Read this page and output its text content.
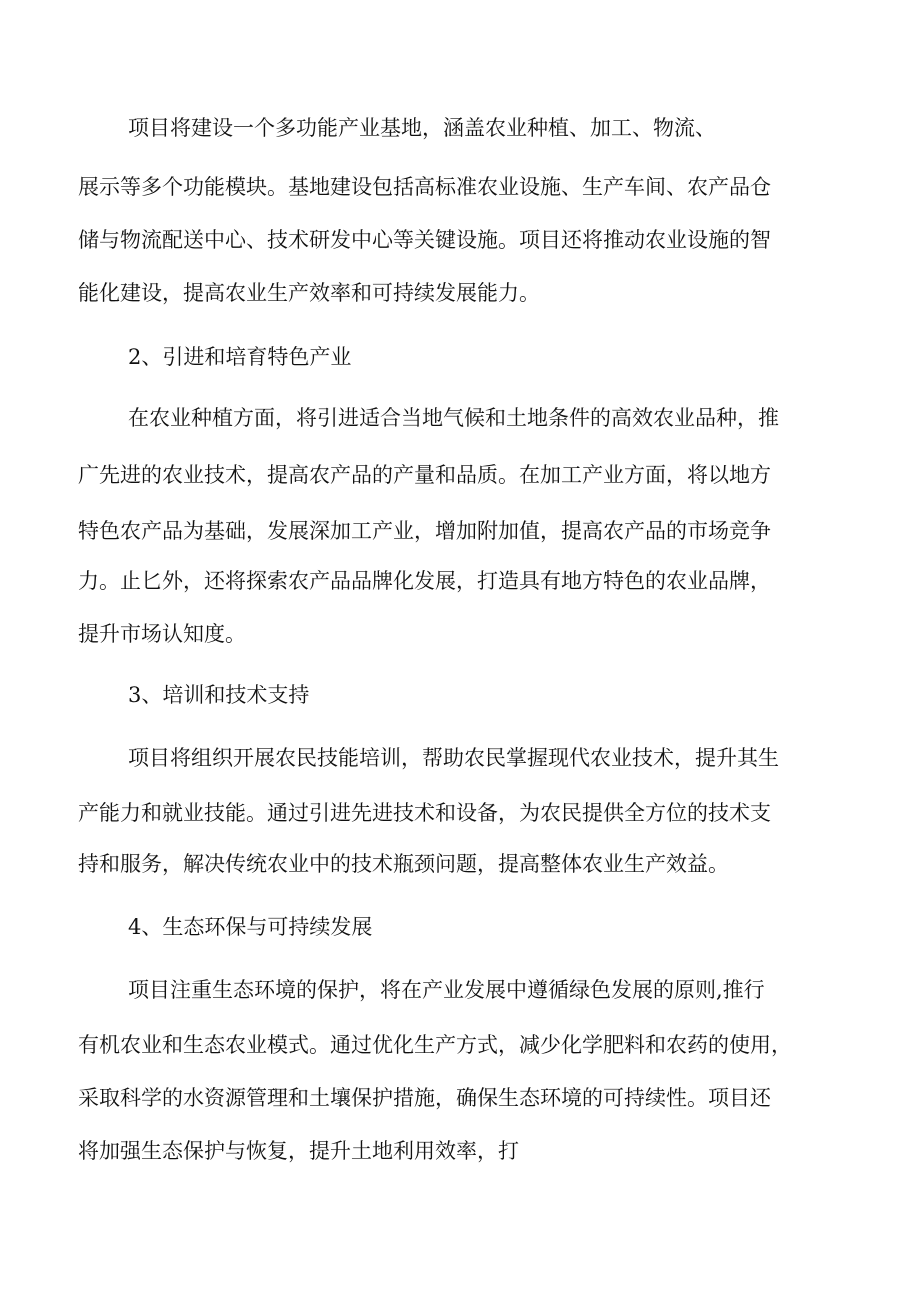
项目将建设一个多功能产业基地，涵盖农业种植、加工、物流、

展示等多个功能模块。基地建设包括高标准农业设施、生产车间、农产品仓

储与物流配送中心、技术研发中心等关键设施。项目还将推动农业设施的智

能化建设，提高农业生产效率和可持续发展能力。

2、引进和培育特色产业

在农业种植方面，将引进适合当地气候和土地条件的高效农业品种，推

广先进的农业技术，提高农产品的产量和品质。在加工产业方面，将以地方

特色农产品为基础，发展深加工产业，增加附加值，提高农产品的市场竞争

力。止匕外，还将探索农产品品牌化发展，打造具有地方特色的农业品牌，

提升市场认知度。

3、培训和技术支持

项目将组织开展农民技能培训，帮助农民掌握现代农业技术，提升其生

产能力和就业技能。通过引进先进技术和设备，为农民提供全方位的技术支

持和服务，解决传统农业中的技术瓶颈问题，提高整体农业生产效益。

4、生态环保与可持续发展

项目注重生态环境的保护，将在产业发展中遵循绿色发展的原则,推行

有机农业和生态农业模式。通过优化生产方式，减少化学肥料和农药的使用，

采取科学的水资源管理和土壤保护措施，确保生态环境的可持续性。项目还

将加强生态保护与恢复，提升土地利用效率，打
